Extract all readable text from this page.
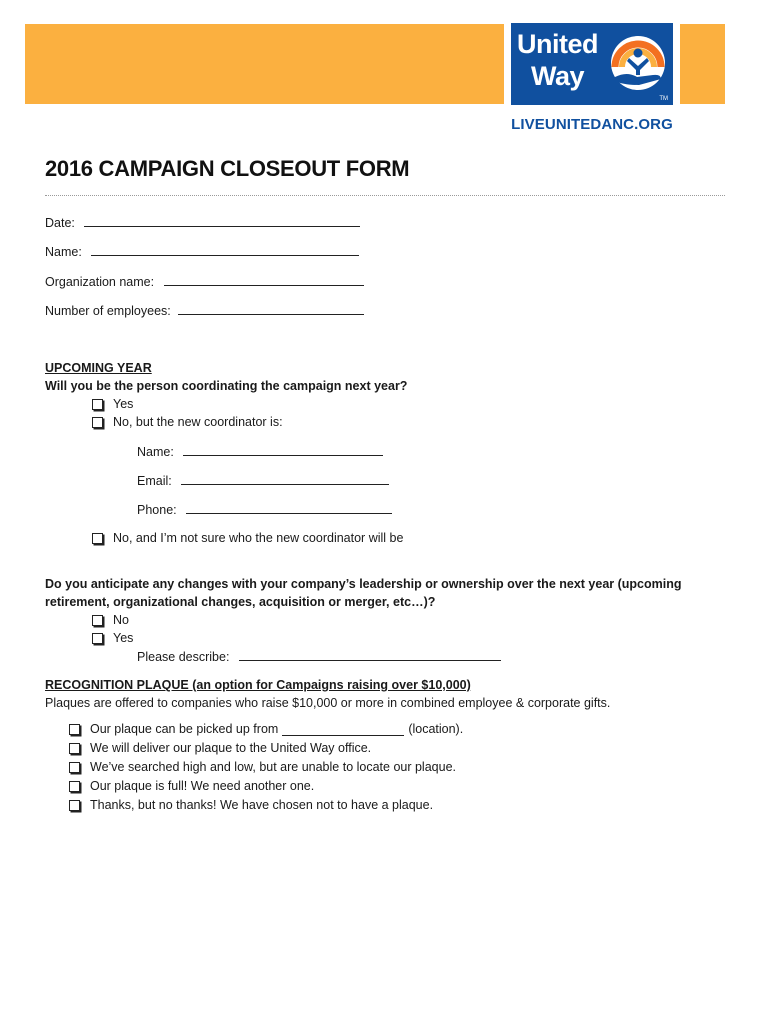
United
Way
TM
LIVEUNITEDANC.ORG
2016 CAMPAIGN CLOSEOUT FORM
Date:
Name:
Organization name:
Number of employees:
UPCOMING YEAR
Will you be the person coordinating the campaign next year?
Yes
No, but the new coordinator is:
Name:
Email:
Phone:
No, and I’m not sure who the new coordinator will be
Do you anticipate any changes with your company’s leadership or ownership over the next year (upcoming
retirement, organizational changes, acquisition or merger, etc…)?
No
Yes
Please describe:
RECOGNITION PLAQUE (an option for Campaigns raising over $10,000)
Plaques are offered to companies who raise $10,000 or more in combined employee & corporate gifts.
Our plaque can be picked up from	(location).
We will deliver our plaque to the United Way office.
We’ve searched high and low, but are unable to locate our plaque.
Our plaque is full! We need another one.
Thanks, but no thanks! We have chosen not to have a plaque.
